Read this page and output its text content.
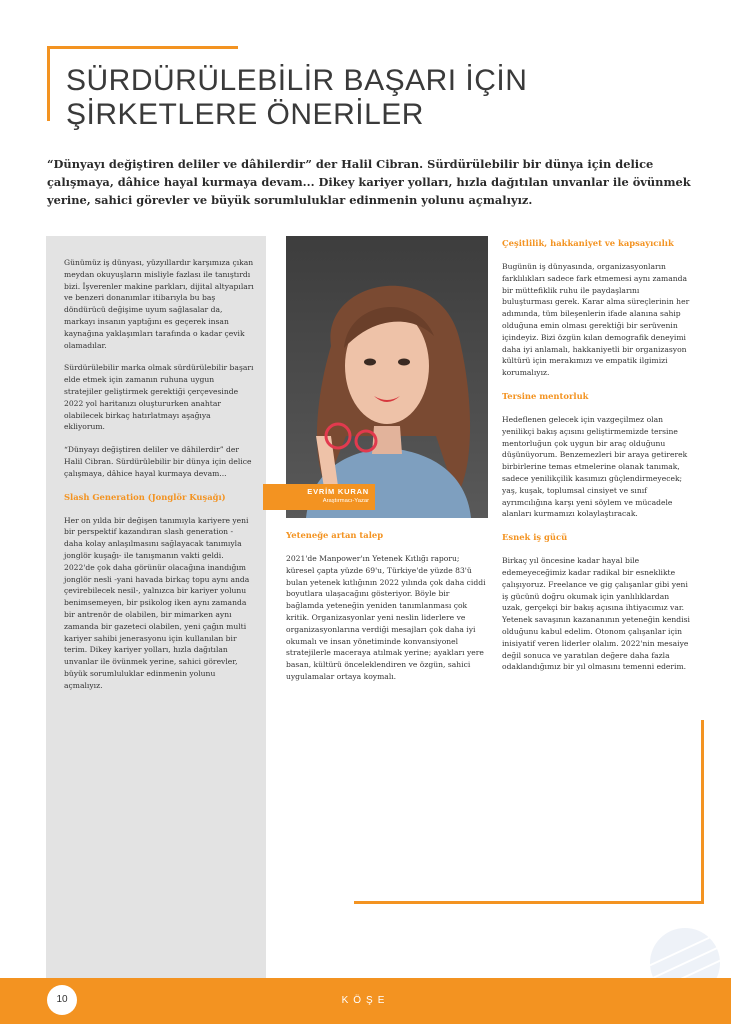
SÜRDÜRÜLEBİLİR BAŞARI İÇİN
ŞİRKETLERE ÖNERİLER

“Dünyayı değiştiren deliler ve dâhilerdir” der Halil Cibran. Sürdürülebilir bir dünya için delice çalışmaya, dâhice hayal kurmaya devam... Dikey kariyer yolları, hızla dağıtılan unvanlar ile övünmek yerine, sahici görevler ve büyük sorumluluklar edinmenin yolunu açmalıyız.

Günümüz iş dünyası, yüzyıllardır karşımıza çıkan meydan okuyuşların misliyle fazlası ile tanıştırdı bizi. İşverenler makine parkları, dijital altyapıları ve benzeri donanımlar itibarıyla bu baş döndürücü değişime uyum sağlasalar da, markayı insanın yaptığını es geçerek insan kaynağına yaklaşımları tarafında o kadar çevik olamadılar.

Sürdürülebilir marka olmak sürdürülebilir başarı elde etmek için zamanın ruhuna uygun stratejiler geliştirmek gerektiği çerçevesinde 2022 yol haritanızı oluştururken anahtar olabilecek birkaç hatırlatmayı aşağıya ekliyorum.

“Dünyayı değiştiren deliler ve dâhilerdir” der Halil Cibran. Sürdürülebilir bir dünya için delice çalışmaya, dâhice hayal kurmaya devam...

Slash Generation (Jonglör Kuşağı)

Her on yılda bir değişen tanımıyla kariyere yeni bir perspektif kazandıran slash generation - daha kolay anlaşılmasını sağlayacak tanımıyla jonglör kuşağı- ile tanışmanın vakti geldi. 2022'de çok daha görünür olacağına inandığım jonglör nesli -yani havada birkaç topu aynı anda çevirebilecek nesil-, yalnızca bir kariyer yolunu benimsemeyen, bir psikolog iken aynı zamanda bir antrenör de olabilen, bir mimarken aynı zamanda bir gazeteci olabilen, yeni çağın multi kariyer sahibi jenerasyonu için kullanılan bir terim. Dikey kariyer yolları, hızla dağıtılan unvanlar ile övünmek yerine, sahici görevler, büyük sorumluluklar edinmenin yolunu açmalıyız.

EVRİM KURAN
Araştırmacı-Yazar
Yeteneğe artan talep

2021'de Manpower'ın Yetenek Kıtlığı raporu; küresel çapta yüzde 69'u, Türkiye'de yüzde 83'ü bulan yetenek kıtlığının 2022 yılında çok daha ciddi boyutlara ulaşacağını gösteriyor. Böyle bir bağlamda yeteneğin yeniden tanımlanması çok kritik. Organizasyonlar yeni neslin liderlere ve organizasyonlarına verdiği mesajları çok daha iyi okumalı ve insan yönetiminde konvansiyonel stratejilerle maceraya atılmak yerine; ayakları yere basan, kültürü önceleklendiren ve özgün, sahici uygulamalar ortaya koymalı.

Çeşitlilik, hakkaniyet ve kapsayıcılık

Bugünün iş dünyasında, organizasyonların farklılıkları sadece fark etmemesi aynı zamanda bir müttefiklik ruhu ile paydaşlarını buluşturması gerek. Karar alma süreçlerinin her adımında, tüm bileşenlerin ifade alanına sahip olduğuna emin olması gerektiği bir serüvenin içindeyiz. Bizi özgün kılan demografik deneyimi daha iyi anlamalı, hakkaniyetli bir organizasyon kültürü için merakımızı ve empatik ilgimizi korumalıyız.

Tersine mentorluk

Hedeflenen gelecek için vazgeçilmez olan yenilikçi bakış açısını geliştirmemizde tersine mentorluğun çok uygun bir araç olduğunu düşünüyorum. Benzemezleri bir araya getirerek birbirlerine temas etmelerine olanak tanımak, sadece yenilikçilik kasımızı güçlendirmeyecek; yaş, kuşak, toplumsal cinsiyet ve sınıf ayrımcılığına karşı yeni söylem ve mücadele alanları kurmamızı kolaylaştıracak.

Esnek iş gücü

Birkaç yıl öncesine kadar hayal bile edemeyeceğimiz kadar radikal bir esneklikte çalışıyoruz. Freelance ve gig çalışanlar gibi yeni iş gücünü doğru okumak için yanlılıklardan uzak, gerçekçi bir bakış açısına ihtiyacımız var. Yetenek savaşının kazananının yeteneğin kendisi olduğunu kabul edelim. Otonom çalışanlar için inisiyatif veren liderler olalım. 2022'nin mesaiye değil sonuca ve yaratılan değere daha fazla odaklandığımız bir yıl olmasını temenni ederim.

KÖŞE
10
